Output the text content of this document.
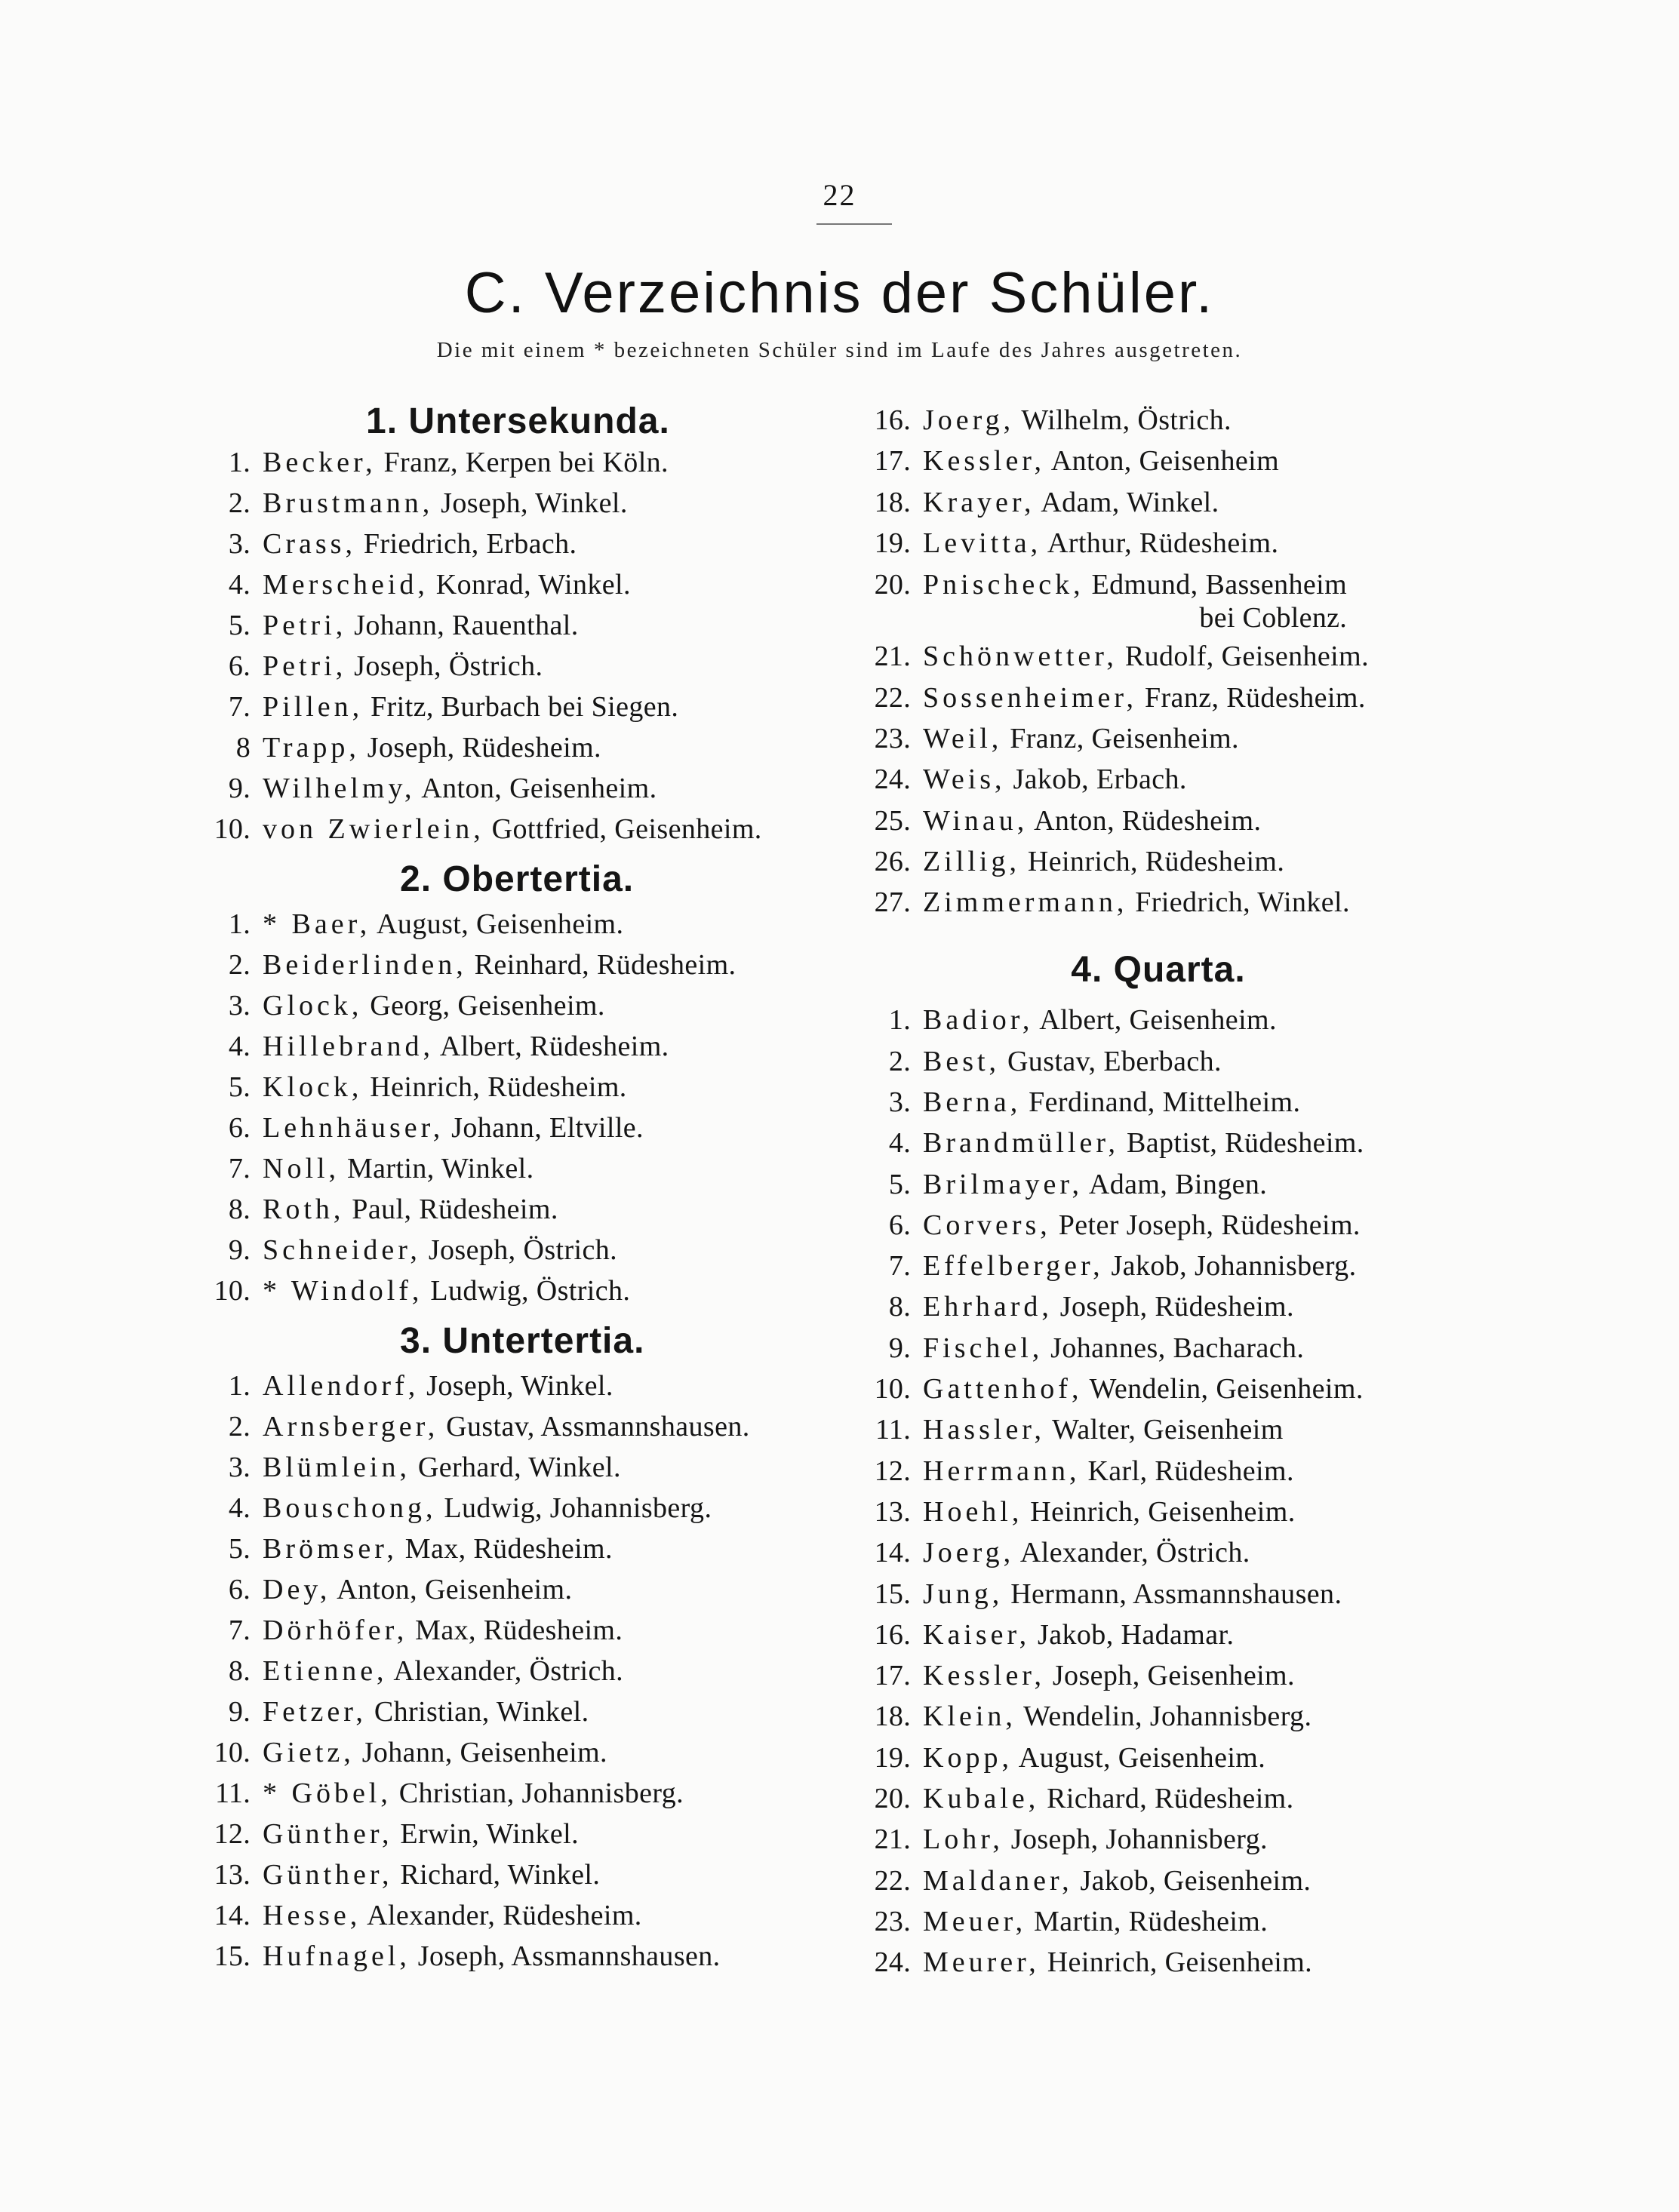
22
C. Verzeichnis der Schüler.
Die mit einem * bezeichneten Schüler sind im Laufe des Jahres ausgetreten.
1. Untersekunda.
1. Becker, Franz, Kerpen bei Köln.
2. Brustmann, Joseph, Winkel.
3. Crass, Friedrich, Erbach.
4. Merscheid, Konrad, Winkel.
5. Petri, Johann, Rauenthal.
6. Petri, Joseph, Östrich.
7. Pillen, Fritz, Burbach bei Siegen.
8 Trapp, Joseph, Rüdesheim.
9. Wilhelmy, Anton, Geisenheim.
10. von Zwierlein, Gottfried, Geisenheim.
2. Obertertia.
1. * Baer, August, Geisenheim.
2. Beiderlinden, Reinhard, Rüdesheim.
3. Glock, Georg, Geisenheim.
4. Hillebrand, Albert, Rüdesheim.
5. Klock, Heinrich, Rüdesheim.
6. Lehnhäuser, Johann, Eltville.
7. Noll, Martin, Winkel.
8. Roth, Paul, Rüdesheim.
9. Schneider, Joseph, Östrich.
10. * Windolf, Ludwig, Östrich.
3. Untertertia.
1. Allendorf, Joseph, Winkel.
2. Arnsberger, Gustav, Assmannshausen.
3. Blümlein, Gerhard, Winkel.
4. Bouschong, Ludwig, Johannisberg.
5. Brömser, Max, Rüdesheim.
6. Dey, Anton, Geisenheim.
7. Dörhöfer, Max, Rüdesheim.
8. Etienne, Alexander, Östrich.
9. Fetzer, Christian, Winkel.
10. Gietz, Johann, Geisenheim.
11. * Göbel, Christian, Johannisberg.
12. Günther, Erwin, Winkel.
13. Günther, Richard, Winkel.
14. Hesse, Alexander, Rüdesheim.
15. Hufnagel, Joseph, Assmannshausen.
16. Joerg, Wilhelm, Östrich.
17. Kessler, Anton, Geisenheim
18. Krayer, Adam, Winkel.
19. Levitta, Arthur, Rüdesheim.
20. Pnischeck, Edmund, Bassenheim
bei Coblenz.
21. Schönwetter, Rudolf, Geisenheim.
22. Sossenheimer, Franz, Rüdesheim.
23. Weil, Franz, Geisenheim.
24. Weis, Jakob, Erbach.
25. Winau, Anton, Rüdesheim.
26. Zillig, Heinrich, Rüdesheim.
27. Zimmermann, Friedrich, Winkel.
4. Quarta.
1. Badior, Albert, Geisenheim.
2. Best, Gustav, Eberbach.
3. Berna, Ferdinand, Mittelheim.
4. Brandmüller, Baptist, Rüdesheim.
5. Brilmayer, Adam, Bingen.
6. Corvers, Peter Joseph, Rüdesheim.
7. Effelberger, Jakob, Johannisberg.
8. Ehrhard, Joseph, Rüdesheim.
9. Fischel, Johannes, Bacharach.
10. Gattenhof, Wendelin, Geisenheim.
11. Hassler, Walter, Geisenheim
12. Herrmann, Karl, Rüdesheim.
13. Hoehl, Heinrich, Geisenheim.
14. Joerg, Alexander, Östrich.
15. Jung, Hermann, Assmannshausen.
16. Kaiser, Jakob, Hadamar.
17. Kessler, Joseph, Geisenheim.
18. Klein, Wendelin, Johannisberg.
19. Kopp, August, Geisenheim.
20. Kubale, Richard, Rüdesheim.
21. Lohr, Joseph, Johannisberg.
22. Maldaner, Jakob, Geisenheim.
23. Meuer, Martin, Rüdesheim.
24. Meurer, Heinrich, Geisenheim.
